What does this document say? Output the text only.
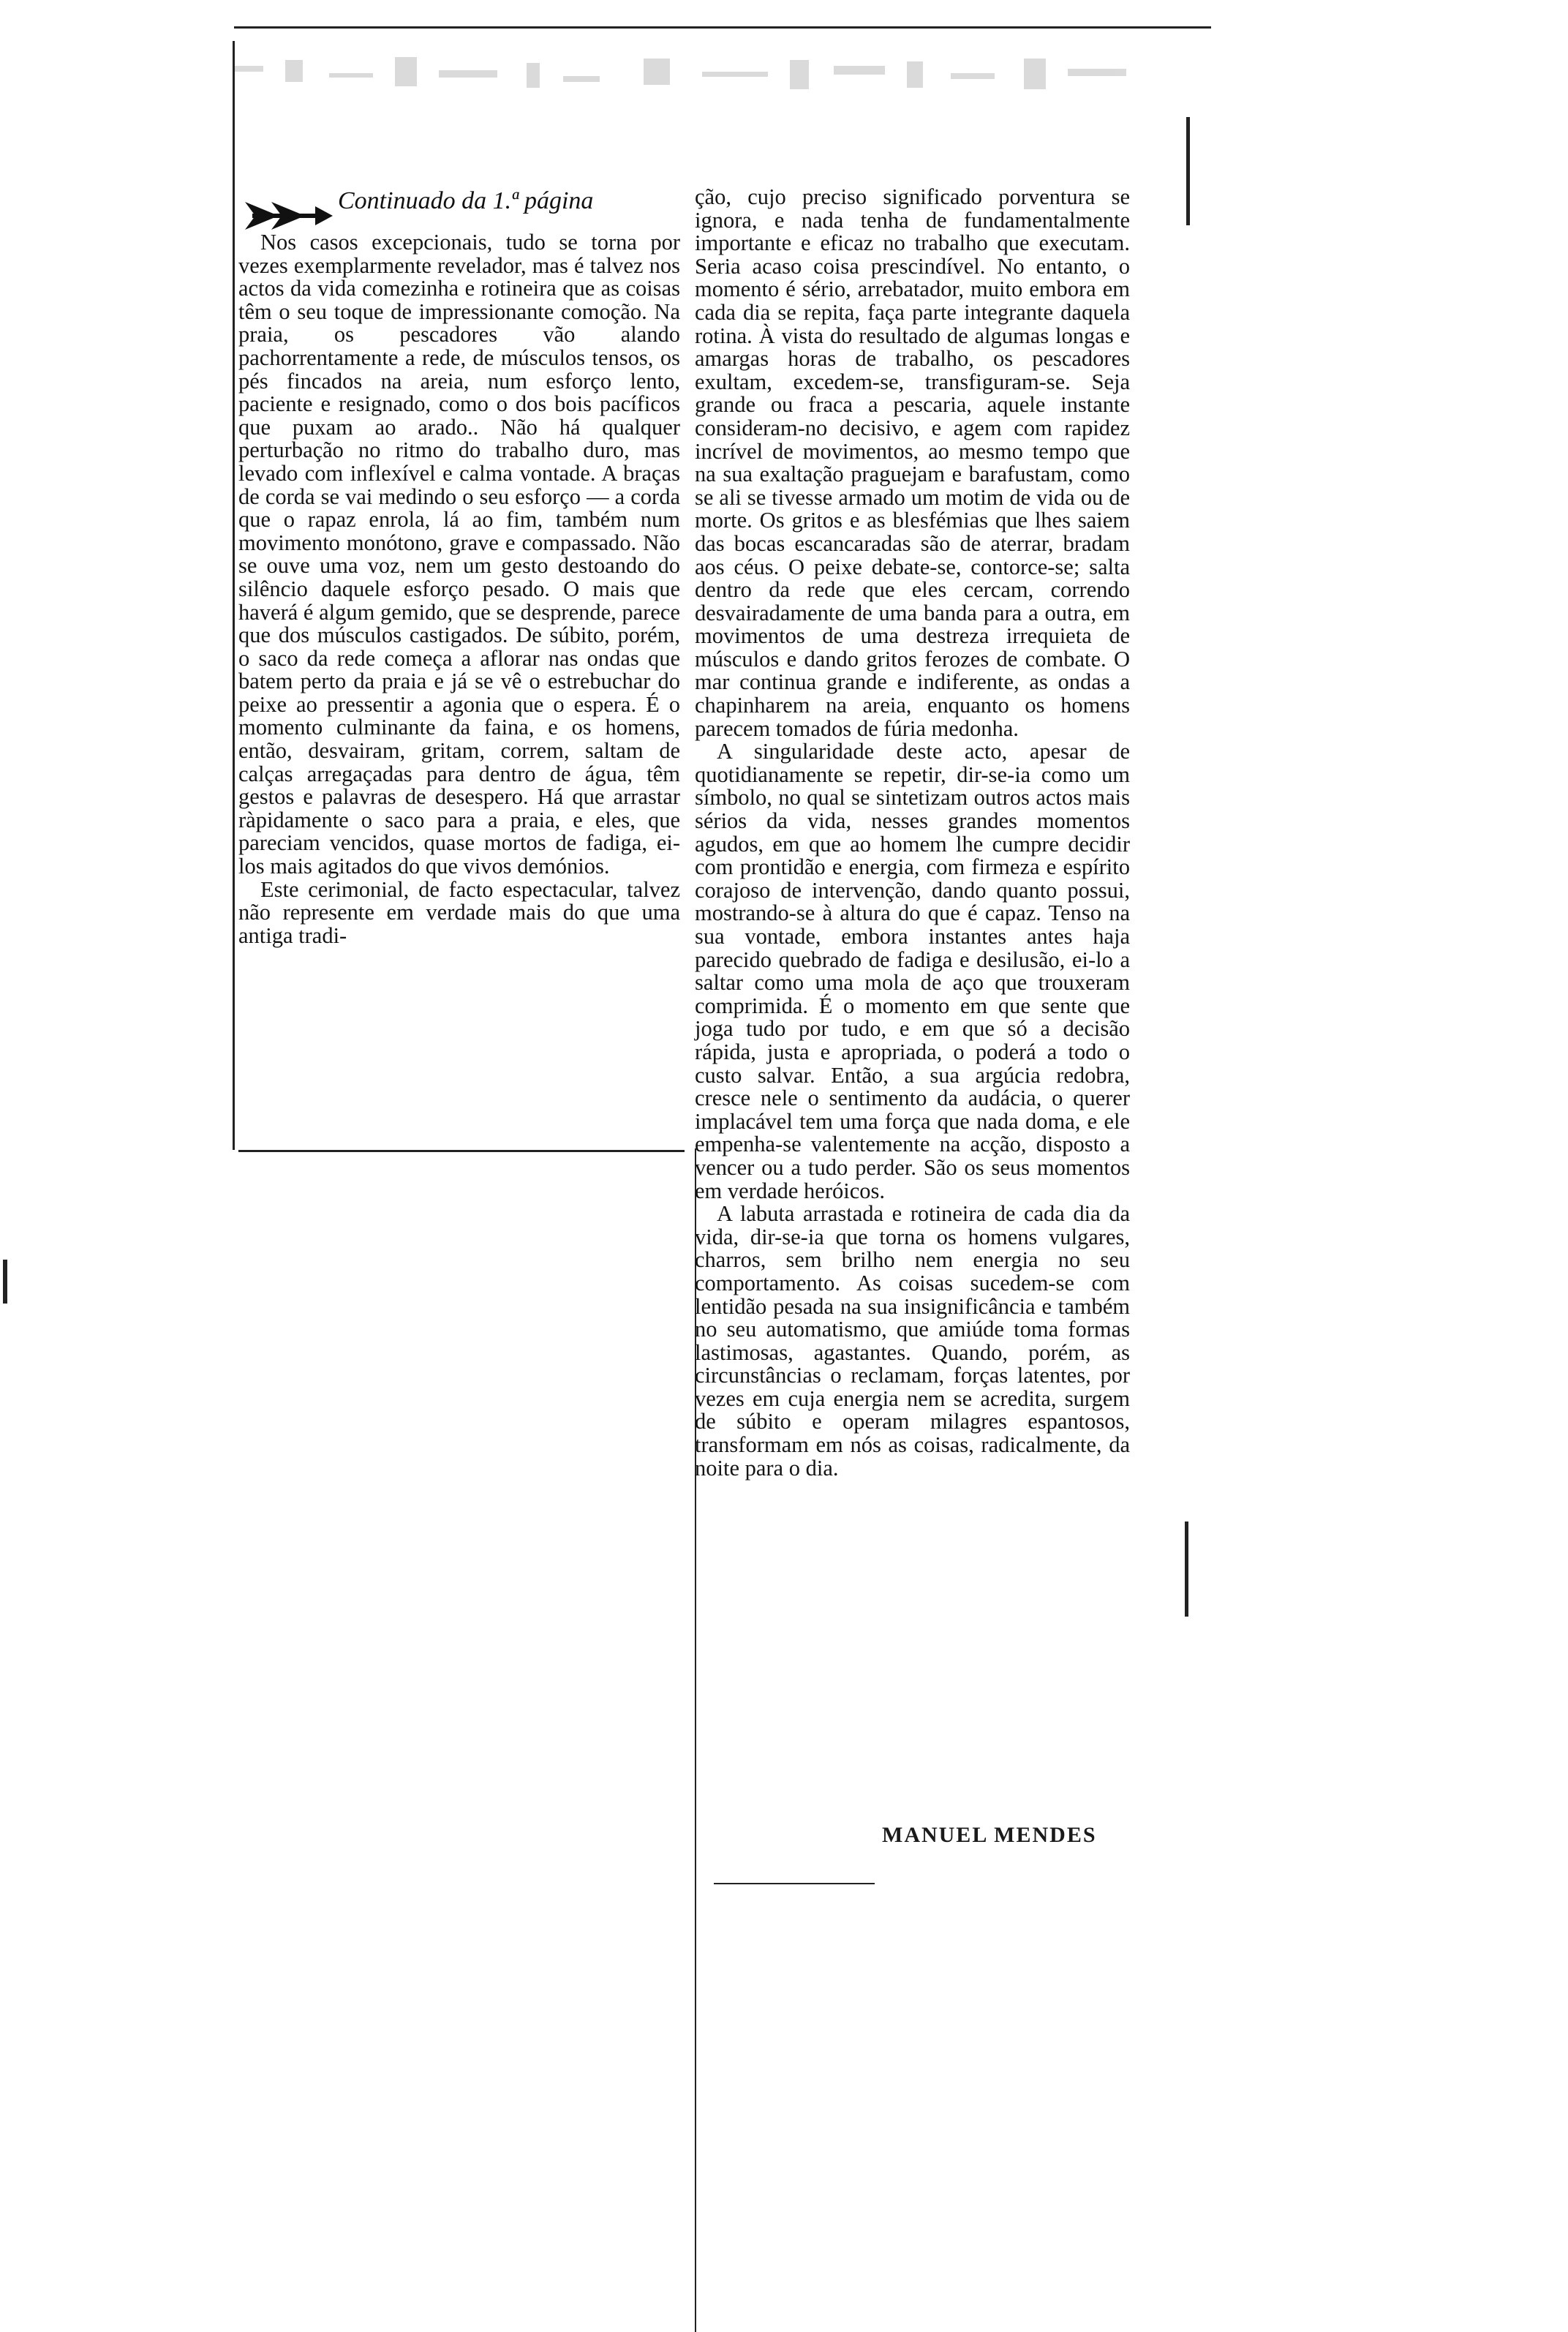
Continuado da 1.ª página

Nos casos excepcionais, tudo se torna por vezes exemplarmente revelador, mas é talvez nos actos da vida comezinha e rotineira que as coisas têm o seu toque de impressionante comoção. Na praia, os pescadores vão alando pachorrentamente a rede, de músculos tensos, os pés fincados na areia, num esforço lento, paciente e resignado, como o dos bois pacíficos que puxam ao arado.. Não há qualquer perturbação no ritmo do trabalho duro, mas levado com inflexível e calma vontade. A braças de corda se vai medindo o seu esforço — a corda que o rapaz enrola, lá ao fim, também num movimento monótono, grave e compassado. Não se ouve uma voz, nem um gesto destoando do silêncio daquele esforço pesado. O mais que haverá é algum gemido, que se desprende, parece que dos músculos castigados. De súbito, porém, o saco da rede começa a aflorar nas ondas que batem perto da praia e já se vê o estrebuchar do peixe ao pressentir a agonia que o espera. É o momento culminante da faina, e os homens, então, desvairam, gritam, correm, saltam de calças arregaçadas para dentro de água, têm gestos e palavras de desespero. Há que arrastar ràpidamente o saco para a praia, e eles, que pareciam vencidos, quase mortos de fadiga, ei-los mais agitados do que vivos demónios.

Este cerimonial, de facto espectacular, talvez não represente em verdade mais do que uma antiga tradi-

ção, cujo preciso significado porventura se ignora, e nada tenha de fundamentalmente importante e eficaz no trabalho que executam. Seria acaso coisa prescindível. No entanto, o momento é sério, arrebatador, muito embora em cada dia se repita, faça parte integrante daquela rotina. À vista do resultado de algumas longas e amargas horas de trabalho, os pescadores exultam, excedem-se, transfiguram-se. Seja grande ou fraca a pescaria, aquele instante consideram-no decisivo, e agem com rapidez incrível de movimentos, ao mesmo tempo que na sua exaltação praguejam e barafustam, como se ali se tivesse armado um motim de vida ou de morte. Os gritos e as blesfémias que lhes saiem das bocas escancaradas são de aterrar, bradam aos céus. O peixe debate-se, contorce-se; salta dentro da rede que eles cercam, correndo desvairadamente de uma banda para a outra, em movimentos de uma destreza irrequieta de músculos e dando gritos ferozes de combate. O mar continua grande e indiferente, as ondas a chapinharem na areia, enquanto os homens parecem tomados de fúria medonha.

A singularidade deste acto, apesar de quotidianamente se repetir, dir-se-ia como um símbolo, no qual se sintetizam outros actos mais sérios da vida, nesses grandes momentos agudos, em que ao homem lhe cumpre decidir com prontidão e energia, com firmeza e espírito corajoso de intervenção, dando quanto possui, mostrando-se à altura do que é capaz. Tenso na sua vontade, embora instantes antes haja parecido quebrado de fadiga e desilusão, ei-lo a saltar como uma mola de aço que trouxeram comprimida. É o momento em que sente que joga tudo por tudo, e em que só a decisão rápida, justa e apropriada, o poderá a todo o custo salvar. Então, a sua argúcia redobra, cresce nele o sentimento da audácia, o querer implacável tem uma força que nada doma, e ele empenha-se valentemente na acção, disposto a vencer ou a tudo perder. São os seus momentos em verdade heróicos.

A labuta arrastada e rotineira de cada dia da vida, dir-se-ia que torna os homens vulgares, charros, sem brilho nem energia no seu comportamento. As coisas sucedem-se com lentidão pesada na sua insignificância e também no seu automatismo, que amiúde toma formas lastimosas, agastantes. Quando, porém, as circunstâncias o reclamam, forças latentes, por vezes em cuja energia nem se acredita, surgem de súbito e operam milagres espantosos, transformam em nós as coisas, radicalmente, da noite para o dia.

MANUEL MENDES
